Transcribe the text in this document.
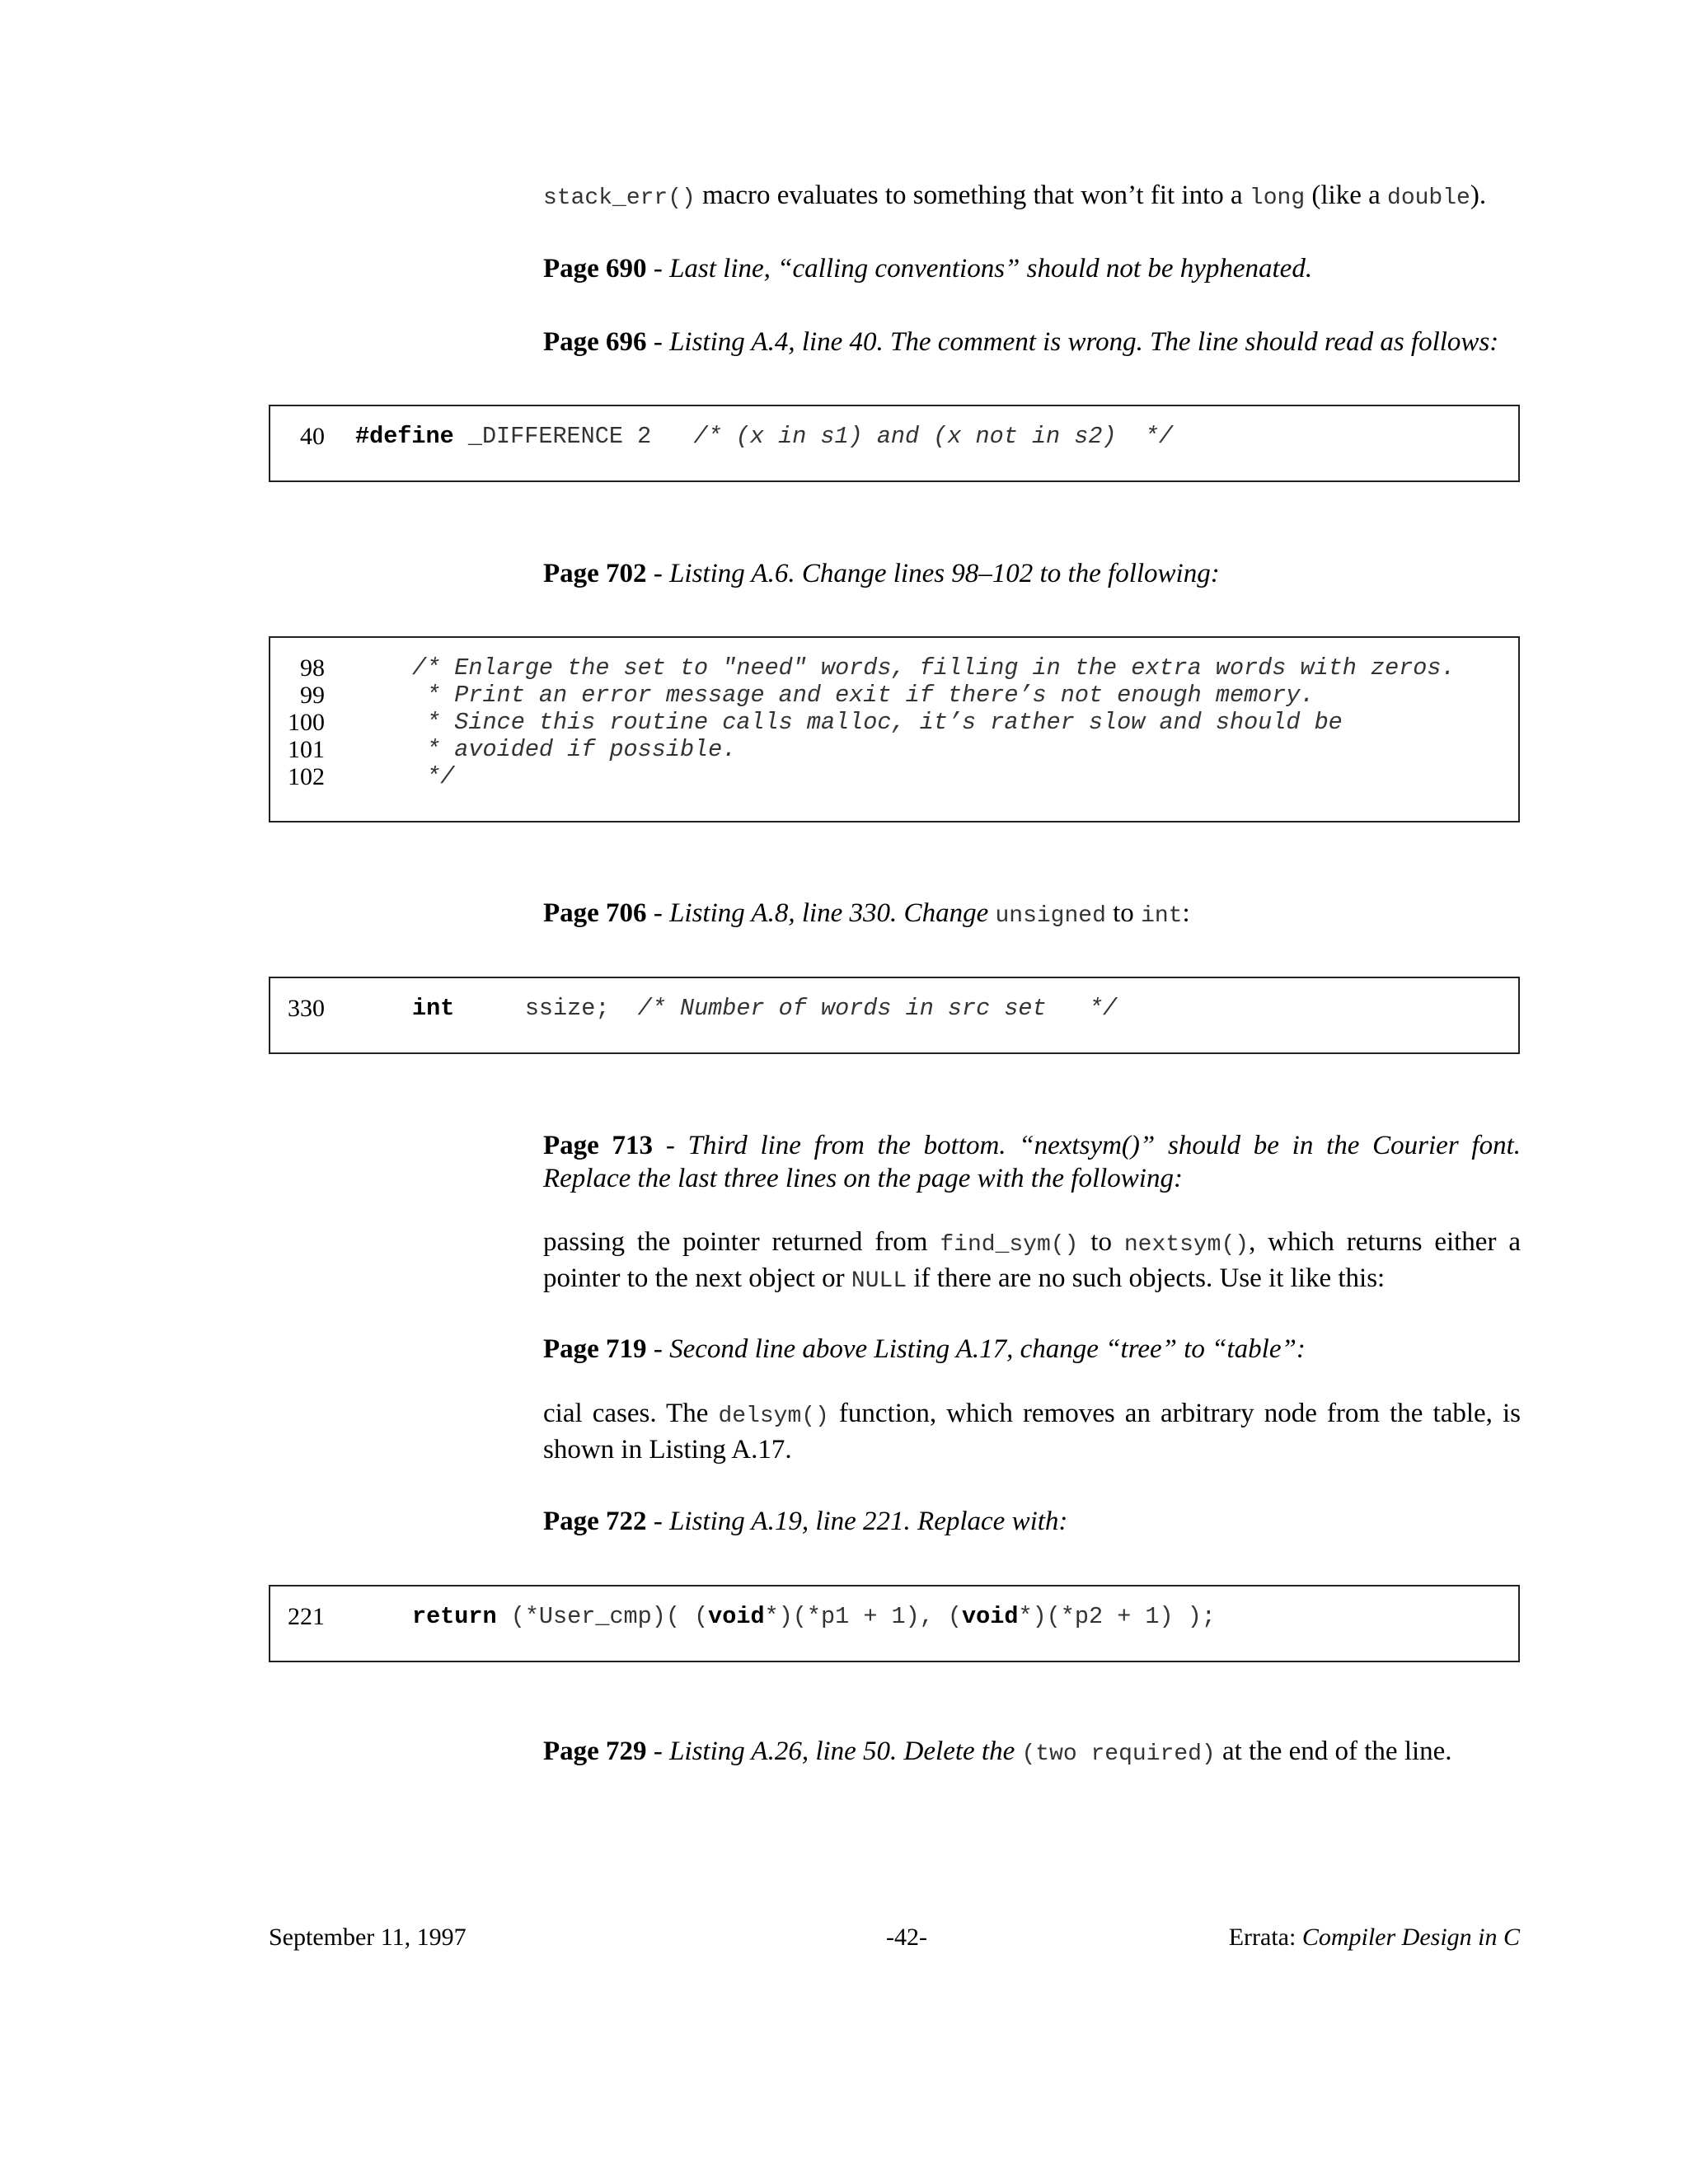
stack_err() macro evaluates to something that won’t fit into a long (like a double).

Page 690 - Last line, “calling conventions” should not be hyphenated.

Page 696 - Listing A.4, line 40. The comment is wrong. The line should read as follows:

40

#define _DIFFERENCE 2   /* (x in s1) and (x not in s2)  */

Page 702 - Listing A.6. Change lines 98–102 to the following:

98

	/* Enlarge the set to "need" words, filling in the extra words with zeros.

99

	* Print an error message and exit if there’s not enough memory.

100

	* Since this routine calls malloc, it’s rather slow and should be

101

	* avoided if possible.

102

	*/

Page 706 - Listing A.8, line 330. Change unsigned to int:

330

	int     ssize;  /* Number of words in src set   */

Page 713 - Third line from the bottom. “nextsym()” should be in the Courier font. Replace the last three lines on the page with the following:

passing the pointer returned from find_sym() to nextsym(), which returns either a pointer to the next object or NULL if there are no such objects. Use it like this:

Page 719 - Second line above Listing A.17, change “tree” to “table”:

cial cases. The delsym() function, which removes an arbitrary node from the table, is shown in Listing A.17.

Page 722 - Listing A.19, line 221. Replace with:

221

	return (*User_cmp)( (void*)(*p1 + 1), (void*)(*p2 + 1) );

Page 729 - Listing A.26, line 50. Delete the (two required) at the end of the line.

September 11, 1997	-42-	Errata: Compiler Design in C
